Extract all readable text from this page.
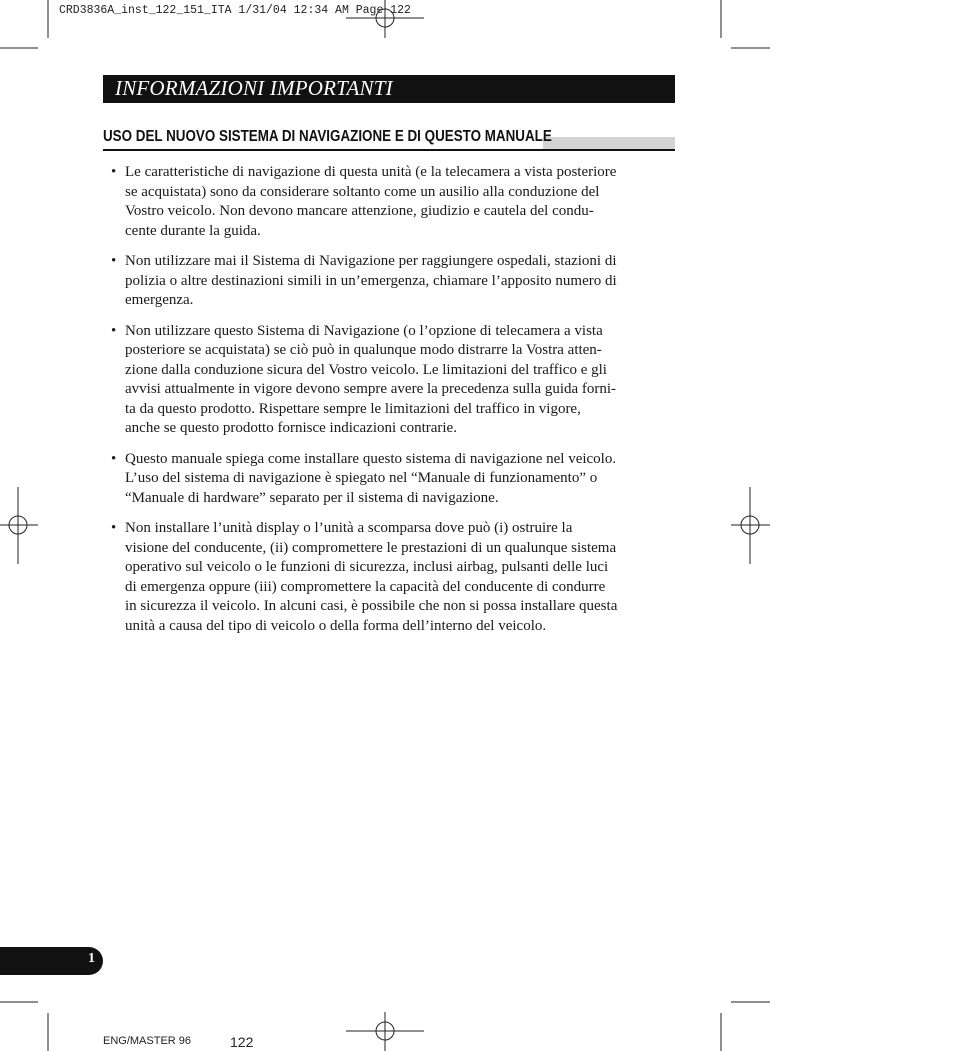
CRD3836A_inst_122_151_ITA 1/31/04 12:34 AM Page 122
INFORMAZIONI IMPORTANTI
USO DEL NUOVO SISTEMA DI NAVIGAZIONE E DI QUESTO MANUALE
• Le caratteristiche di navigazione di questa unità (e la telecamera a vista posteriore
se acquistata) sono da considerare soltanto come un ausilio alla conduzione del
Vostro veicolo. Non devono mancare attenzione, giudizio e cautela del condu-
cente durante la guida.
• Non utilizzare mai il Sistema di Navigazione per raggiungere ospedali, stazioni di
polizia o altre destinazioni simili in un’emergenza, chiamare l’apposito numero di
emergenza.
• Non utilizzare questo Sistema di Navigazione (o l’opzione di telecamera a vista
posteriore se acquistata) se ciò può in qualunque modo distrarre la Vostra atten-
zione dalla conduzione sicura del Vostro veicolo. Le limitazioni del traffico e gli
avvisi attualmente in vigore devono sempre avere la precedenza sulla guida forni-
ta da questo prodotto. Rispettare sempre le limitazioni del traffico in vigore,
anche se questo prodotto fornisce indicazioni contrarie.
• Questo manuale spiega come installare questo sistema di navigazione nel veicolo.
L’uso del sistema di navigazione è spiegato nel “Manuale di funzionamento” o
“Manuale di hardware” separato per il sistema di navigazione.
• Non installare l’unità display o l’unità a scomparsa dove può (i) ostruire la
visione del conducente, (ii) compromettere le prestazioni di un qualunque sistema
operativo sul veicolo o le funzioni di sicurezza, inclusi airbag, pulsanti delle luci
di emergenza oppure (iii) compromettere la capacità del conducente di condurre
in sicurezza il veicolo. In alcuni casi, è possibile che non si possa installare questa
unità a causa del tipo di veicolo o della forma dell’interno del veicolo.
1
ENG/MASTER 96	122
